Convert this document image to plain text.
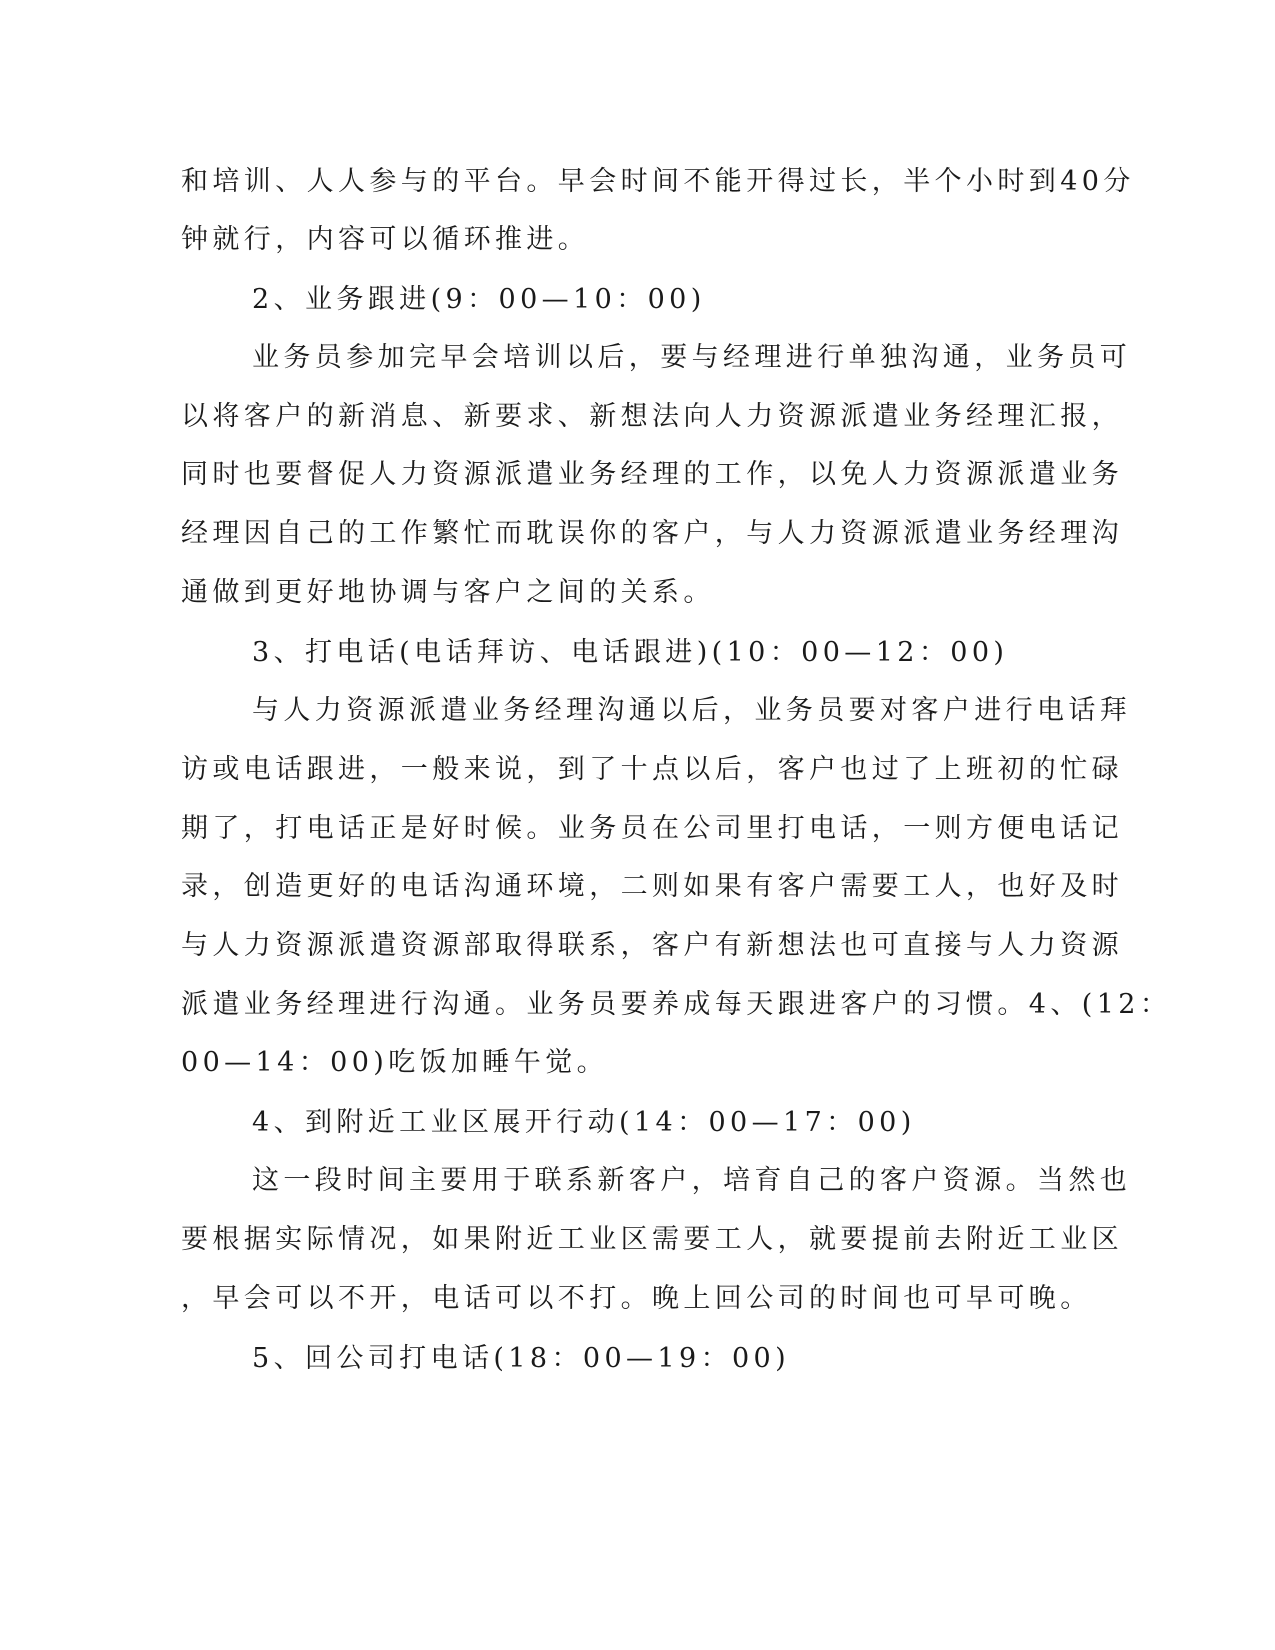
和培训、人人参与的平台。早会时间不能开得过长，半个小时到40分
钟就行，内容可以循环推进。
2、业务跟进(9：00—10：00)
业务员参加完早会培训以后，要与经理进行单独沟通，业务员可
以将客户的新消息、新要求、新想法向人力资源派遣业务经理汇报，
同时也要督促人力资源派遣业务经理的工作，以免人力资源派遣业务
经理因自己的工作繁忙而耽误你的客户，与人力资源派遣业务经理沟
通做到更好地协调与客户之间的关系。
3、打电话(电话拜访、电话跟进)(10：00—12：00)
与人力资源派遣业务经理沟通以后，业务员要对客户进行电话拜
访或电话跟进，一般来说，到了十点以后，客户也过了上班初的忙碌
期了，打电话正是好时候。业务员在公司里打电话，一则方便电话记
录，创造更好的电话沟通环境，二则如果有客户需要工人，也好及时
与人力资源派遣资源部取得联系，客户有新想法也可直接与人力资源
派遣业务经理进行沟通。业务员要养成每天跟进客户的习惯。4、(12：
00—14：00)吃饭加睡午觉。
4、到附近工业区展开行动(14：00—17：00)
这一段时间主要用于联系新客户，培育自己的客户资源。当然也
要根据实际情况，如果附近工业区需要工人，就要提前去附近工业区
，早会可以不开，电话可以不打。晚上回公司的时间也可早可晚。
5、回公司打电话(18：00—19：00)
